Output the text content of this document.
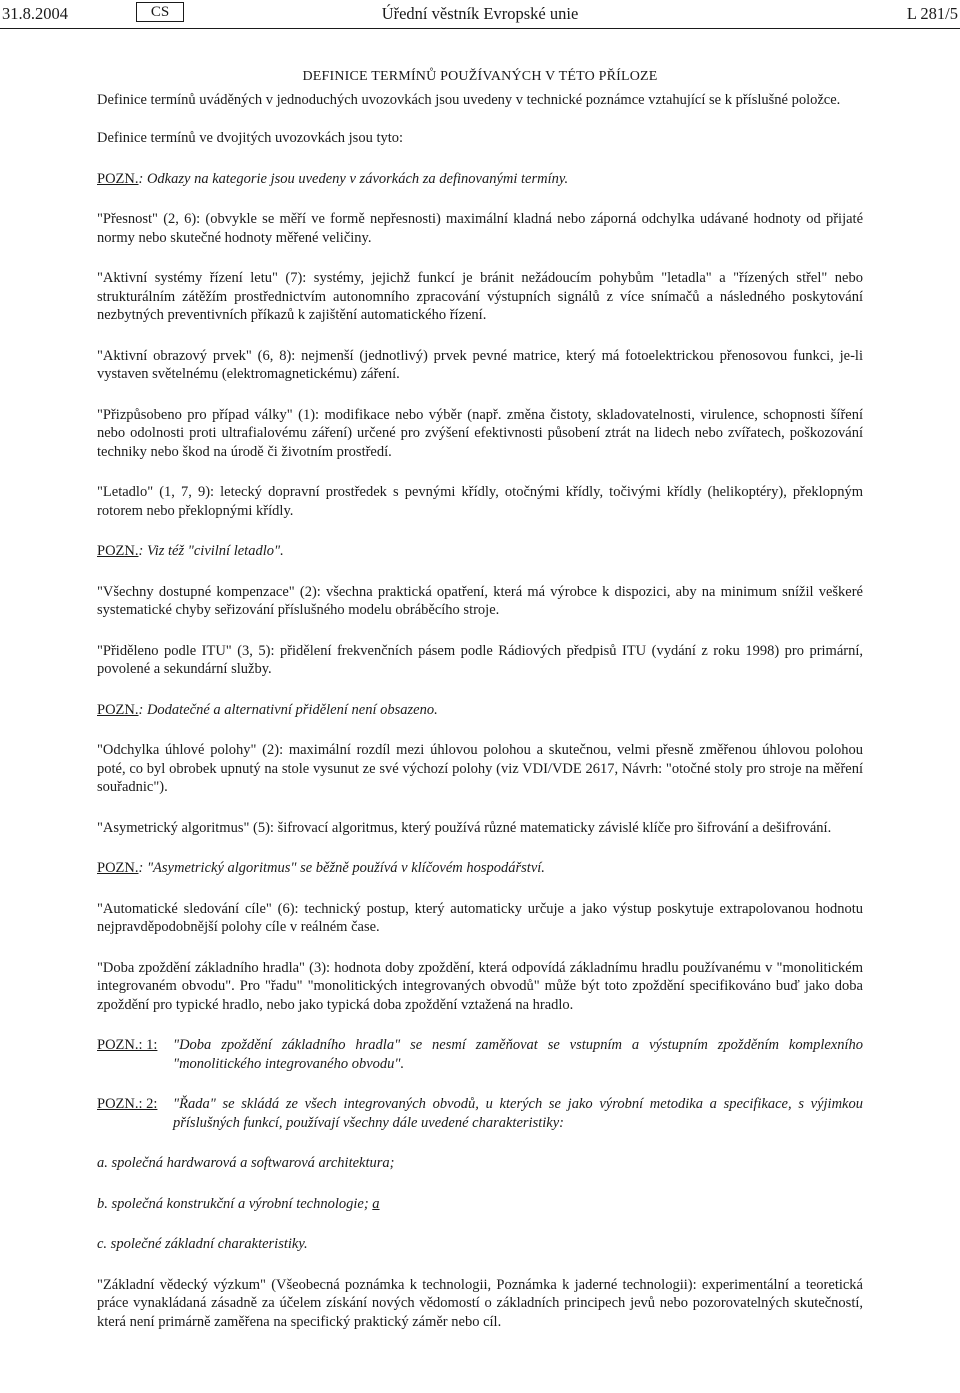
31.8.2004	CS	Úřední věstník Evropské unie	L 281/5
DEFINICE TERMÍNŮ POUŽÍVANÝCH V TÉTO PŘÍLOZE

Definice termínů uváděných v jednoduchých uvozovkách jsou uvedeny v technické poznámce vztahující se k příslušné položce.

Definice termínů ve dvojitých uvozovkách jsou tyto:

POZN.: Odkazy na kategorie jsou uvedeny v závorkách za definovanými termíny.

"Přesnost" (2, 6): (obvykle se měří ve formě nepřesnosti) maximální kladná nebo záporná odchylka udávané hodnoty od přijaté normy nebo skutečné hodnoty měřené veličiny.

"Aktivní systémy řízení letu" (7): systémy, jejichž funkcí je bránit nežádoucím pohybům "letadla" a "řízených střel" nebo strukturálním zátěžím prostřednictvím autonomního zpracování výstupních signálů z více snímačů a následného poskytování nezbytných preventivních příkazů k zajištění automatického řízení.

"Aktivní obrazový prvek" (6, 8): nejmenší (jednotlivý) prvek pevné matrice, který má fotoelektrickou přenosovou funkci, je-li vystaven světelnému (elektromagnetickému) záření.

"Přizpůsobeno pro případ války" (1): modifikace nebo výběr (např. změna čistoty, skladovatelnosti, virulence, schopnosti šíření nebo odolnosti proti ultrafialovému záření) určené pro zvýšení efektivnosti působení ztrát na lidech nebo zvířatech, poškozování techniky nebo škod na úrodě či životním prostředí.

"Letadlo" (1, 7, 9): letecký dopravní prostředek s pevnými křídly, otočnými křídly, točivými křídly (helikoptéry), překlopným rotorem nebo překlopnými křídly.

POZN.: Viz též "civilní letadlo".

"Všechny dostupné kompenzace" (2): všechna praktická opatření, která má výrobce k dispozici, aby na minimum snížil veškeré systematické chyby seřizování příslušného modelu obráběcího stroje.

"Přiděleno podle ITU" (3, 5): přidělení frekvenčních pásem podle Rádiových předpisů ITU (vydání z roku 1998) pro primární, povolené a sekundární služby.

POZN.: Dodatečné a alternativní přidělení není obsazeno.

"Odchylka úhlové polohy" (2): maximální rozdíl mezi úhlovou polohou a skutečnou, velmi přesně změřenou úhlovou polohou poté, co byl obrobek upnutý na stole vysunut ze své výchozí polohy (viz VDI/VDE 2617, Návrh: "otočné stoly pro stroje na měření souřadnic").

"Asymetrický algoritmus" (5): šifrovací algoritmus, který používá různé matematicky závislé klíče pro šifrování a dešifrování.

POZN.: "Asymetrický algoritmus" se běžně používá v klíčovém hospodářství.

"Automatické sledování cíle" (6): technický postup, který automaticky určuje a jako výstup poskytuje extrapolovanou hodnotu nejpravděpodobnější polohy cíle v reálném čase.

"Doba zpoždění základního hradla" (3): hodnota doby zpoždění, která odpovídá základnímu hradlu používanému v "monolitickém integrovaném obvodu". Pro "řadu" "monolitických integrovaných obvodů" může být toto zpoždění specifikováno buď jako doba zpoždění pro typické hradlo, nebo jako typická doba zpoždění vztažená na hradlo.

POZN.: 1:	"Doba zpoždění základního hradla" se nesmí zaměňovat se vstupním a výstupním zpožděním komplexního "monolitického integrovaného obvodu".
POZN.: 2:	"Řada" se skládá ze všech integrovaných obvodů, u kterých se jako výrobní metodika a specifikace, s výjimkou příslušných funkcí, používají všechny dále uvedené charakteristiky:

a. společná hardwarová a softwarová architektura;

b. společná konstrukční a výrobní technologie; a

c. společné základní charakteristiky.

"Základní vědecký výzkum" (Všeobecná poznámka k technologii, Poznámka k jaderné technologii): experimentální a teoretická práce vynakládaná zásadně za účelem získání nových vědomostí o základních principech jevů nebo pozorovatelných skutečností, která není primárně zaměřena na specifický praktický záměr nebo cíl.
